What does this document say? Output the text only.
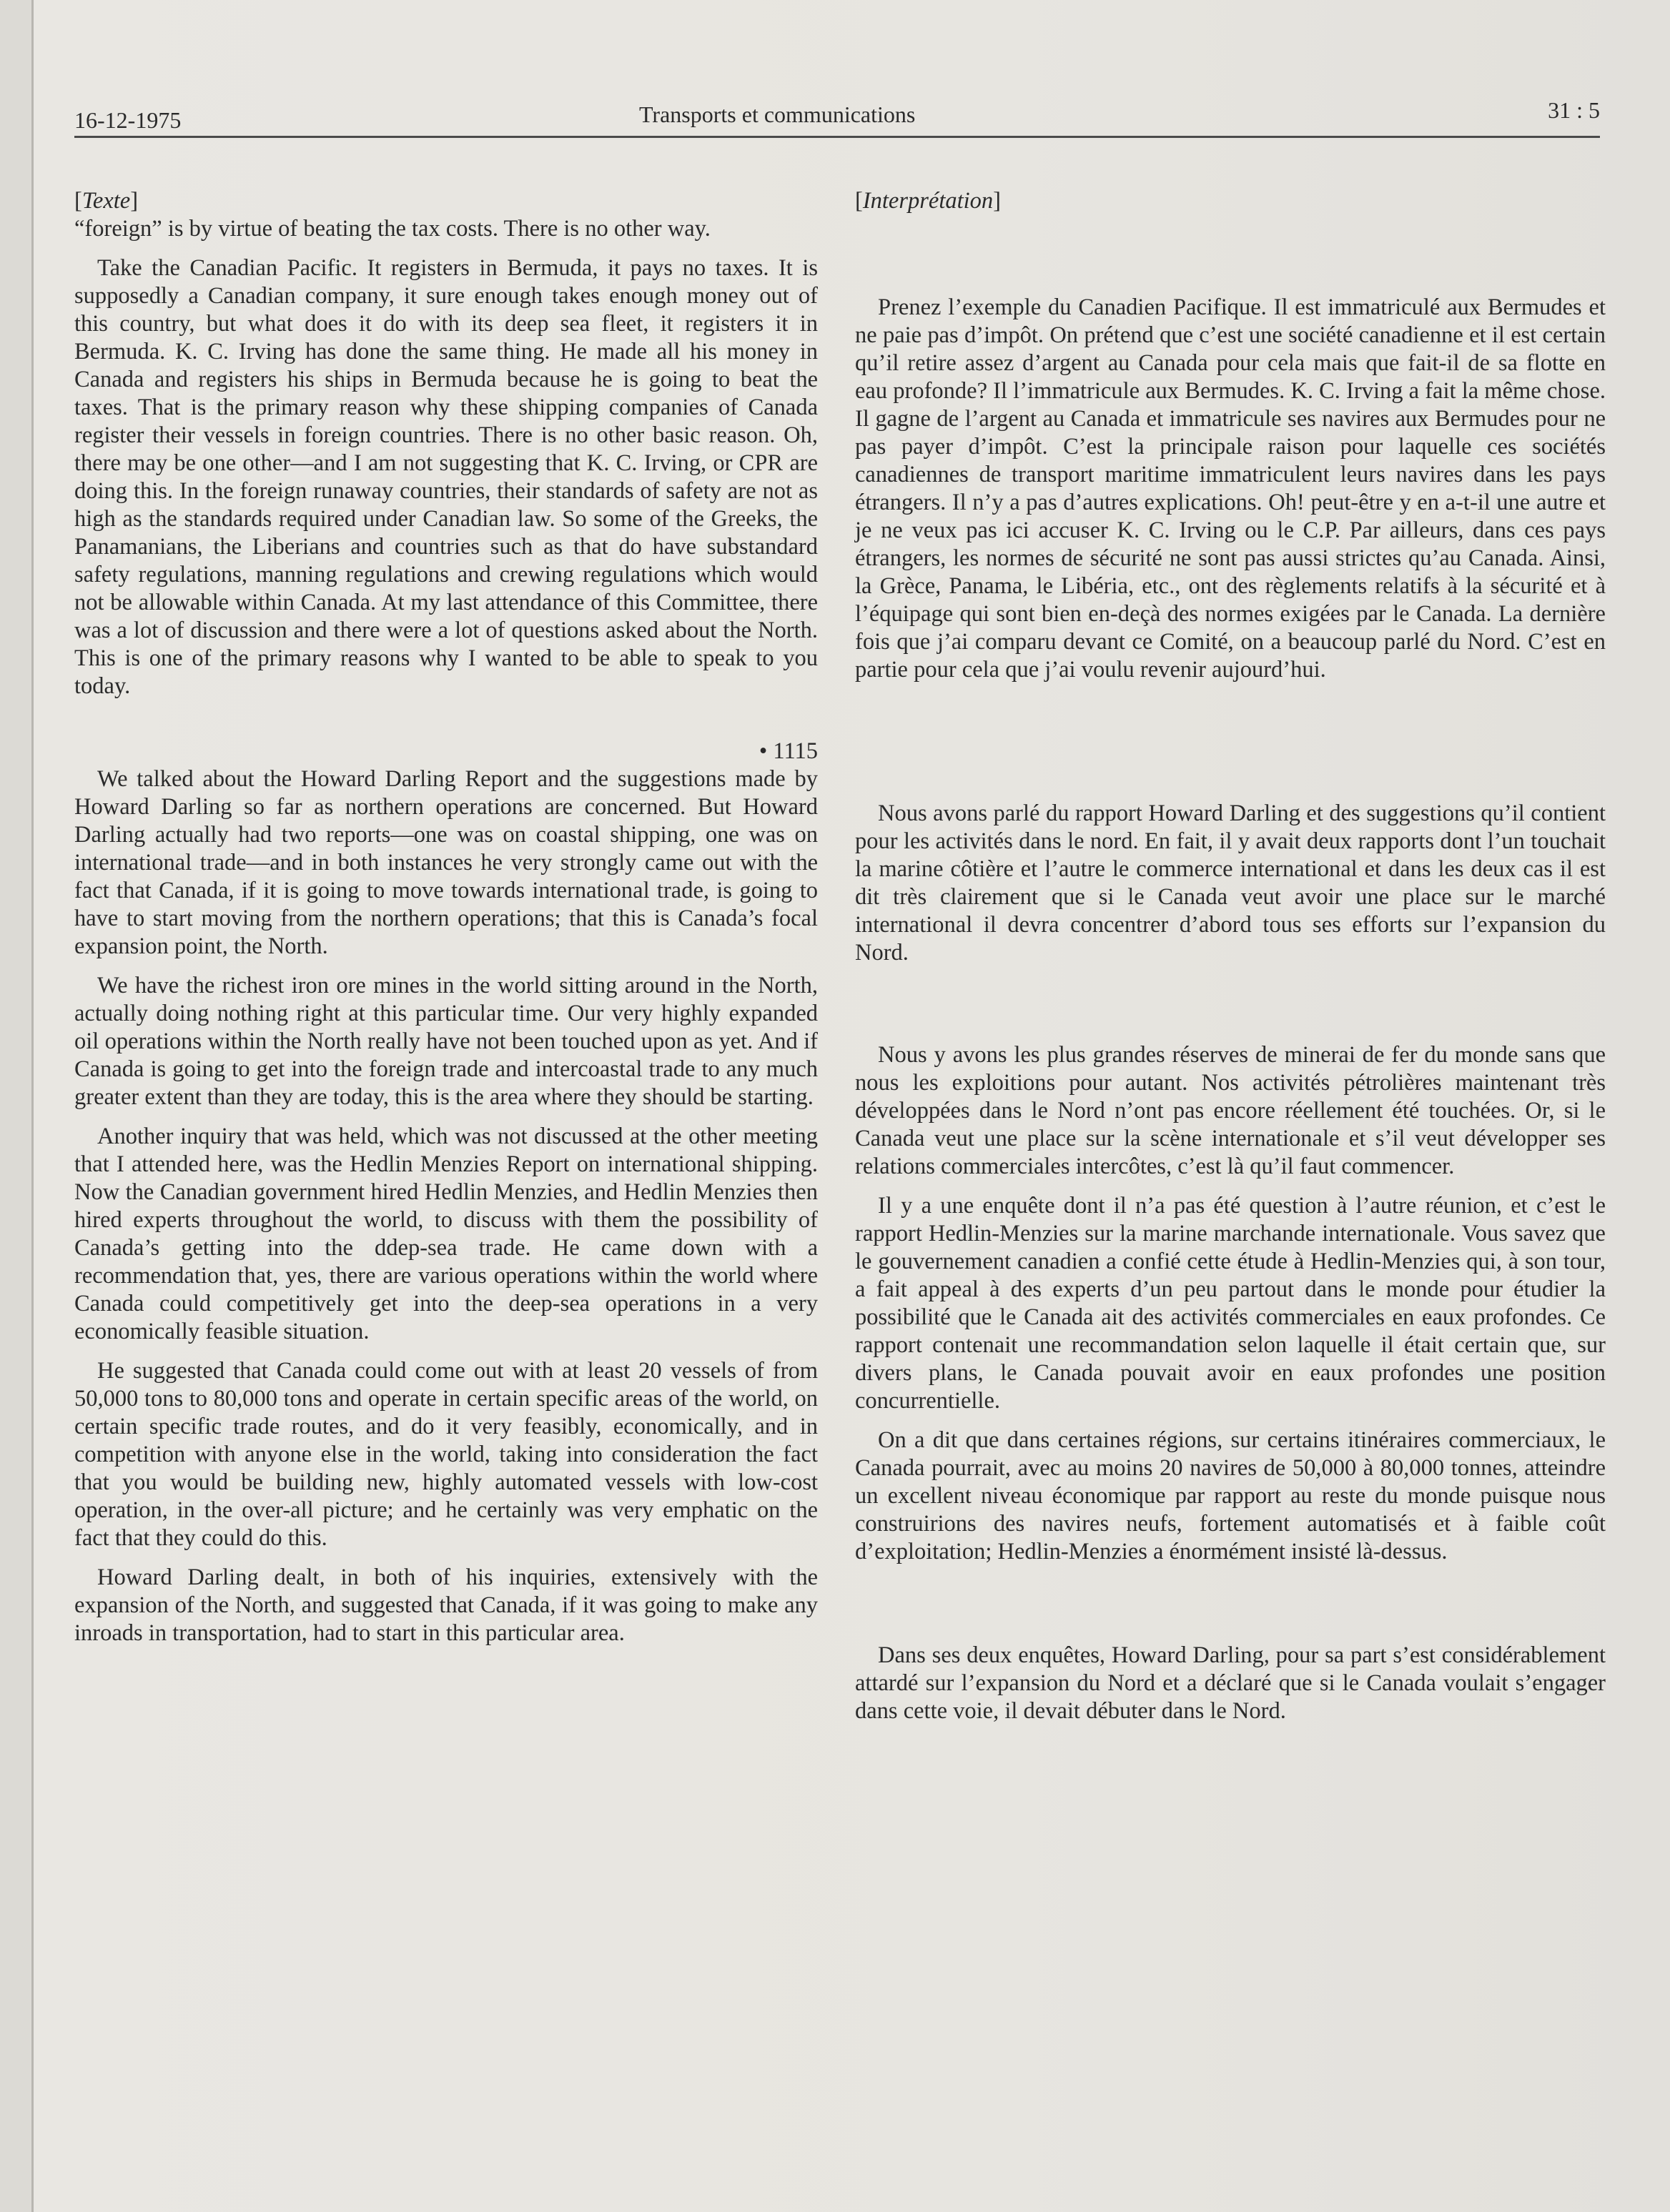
16-12-1975	Transports et communications	31 : 5

[Texte]

“foreign” is by virtue of beating the tax costs. There is no other way.

Take the Canadian Pacific. It registers in Bermuda, it pays no taxes. It is supposedly a Canadian company, it sure enough takes enough money out of this country, but what does it do with its deep sea fleet, it registers it in Bermuda. K. C. Irving has done the same thing. He made all his money in Canada and registers his ships in Bermuda because he is going to beat the taxes. That is the primary reason why these shipping companies of Canada register their vessels in foreign countries. There is no other basic reason. Oh, there may be one other—and I am not suggesting that K. C. Irving, or CPR are doing this. In the foreign runaway countries, their standards of safety are not as high as the standards required under Canadian law. So some of the Greeks, the Panamanians, the Liberians and countries such as that do have substandard safety regulations, manning regulations and crewing regulations which would not be allowable within Canada. At my last attendance of this Committee, there was a lot of discussion and there were a lot of questions asked about the North. This is one of the primary reasons why I wanted to be able to speak to you today.

• 1115

We talked about the Howard Darling Report and the suggestions made by Howard Darling so far as northern operations are concerned. But Howard Darling actually had two reports—one was on coastal shipping, one was on international trade—and in both instances he very strongly came out with the fact that Canada, if it is going to move towards international trade, is going to have to start moving from the northern operations; that this is Canada’s focal expansion point, the North.

We have the richest iron ore mines in the world sitting around in the North, actually doing nothing right at this particular time. Our very highly expanded oil operations within the North really have not been touched upon as yet. And if Canada is going to get into the foreign trade and intercoastal trade to any much greater extent than they are today, this is the area where they should be starting.

Another inquiry that was held, which was not discussed at the other meeting that I attended here, was the Hedlin Menzies Report on international shipping. Now the Canadian government hired Hedlin Menzies, and Hedlin Menzies then hired experts throughout the world, to discuss with them the possibility of Canada’s getting into the ddep-sea trade. He came down with a recommendation that, yes, there are various operations within the world where Canada could competitively get into the deep-sea operations in a very economically feasible situation.

He suggested that Canada could come out with at least 20 vessels of from 50,000 tons to 80,000 tons and operate in certain specific areas of the world, on certain specific trade routes, and do it very feasibly, economically, and in competition with anyone else in the world, taking into consideration the fact that you would be building new, highly automated vessels with low-cost operation, in the over-all picture; and he certainly was very emphatic on the fact that they could do this.

Howard Darling dealt, in both of his inquiries, extensively with the expansion of the North, and suggested that Canada, if it was going to make any inroads in transportation, had to start in this particular area.

[Interprétation]

Prenez l’exemple du Canadien Pacifique. Il est immatriculé aux Bermudes et ne paie pas d’impôt. On prétend que c’est une société canadienne et il est certain qu’il retire assez d’argent au Canada pour cela mais que fait-il de sa flotte en eau profonde? Il l’immatricule aux Bermudes. K. C. Irving a fait la même chose. Il gagne de l’argent au Canada et immatricule ses navires aux Bermudes pour ne pas payer d’impôt. C’est la principale raison pour laquelle ces sociétés canadiennes de transport maritime immatriculent leurs navires dans les pays étrangers. Il n’y a pas d’autres explications. Oh! peut-être y en a-t-il une autre et je ne veux pas ici accuser K. C. Irving ou le C.P. Par ailleurs, dans ces pays étrangers, les normes de sécurité ne sont pas aussi strictes qu’au Canada. Ainsi, la Grèce, Panama, le Libéria, etc., ont des règlements relatifs à la sécurité et à l’équipage qui sont bien en-deçà des normes exigées par le Canada. La dernière fois que j’ai comparu devant ce Comité, on a beaucoup parlé du Nord. C’est en partie pour cela que j’ai voulu revenir aujourd’hui.

Nous avons parlé du rapport Howard Darling et des suggestions qu’il contient pour les activités dans le nord. En fait, il y avait deux rapports dont l’un touchait la marine côtière et l’autre le commerce international et dans les deux cas il est dit très clairement que si le Canada veut avoir une place sur le marché international il devra concentrer d’abord tous ses efforts sur l’expansion du Nord.

Nous y avons les plus grandes réserves de minerai de fer du monde sans que nous les exploitions pour autant. Nos activités pétrolières maintenant très développées dans le Nord n’ont pas encore réellement été touchées. Or, si le Canada veut une place sur la scène internationale et s’il veut développer ses relations commerciales intercôtes, c’est là qu’il faut commencer.

Il y a une enquête dont il n’a pas été question à l’autre réunion, et c’est le rapport Hedlin-Menzies sur la marine marchande internationale. Vous savez que le gouvernement canadien a confié cette étude à Hedlin-Menzies qui, à son tour, a fait appeal à des experts d’un peu partout dans le monde pour étudier la possibilité que le Canada ait des activités commerciales en eaux profondes. Ce rapport contenait une recommandation selon laquelle il était certain que, sur divers plans, le Canada pouvait avoir en eaux profondes une position concurrentielle.

On a dit que dans certaines régions, sur certains itinéraires commerciaux, le Canada pourrait, avec au moins 20 navires de 50,000 à 80,000 tonnes, atteindre un excellent niveau économique par rapport au reste du monde puisque nous construirions des navires neufs, fortement automatisés et à faible coût d’exploitation; Hedlin-Menzies a énormément insisté là-dessus.

Dans ses deux enquêtes, Howard Darling, pour sa part s’est considérablement attardé sur l’expansion du Nord et a déclaré que si le Canada voulait s’engager dans cette voie, il devait débuter dans le Nord.
